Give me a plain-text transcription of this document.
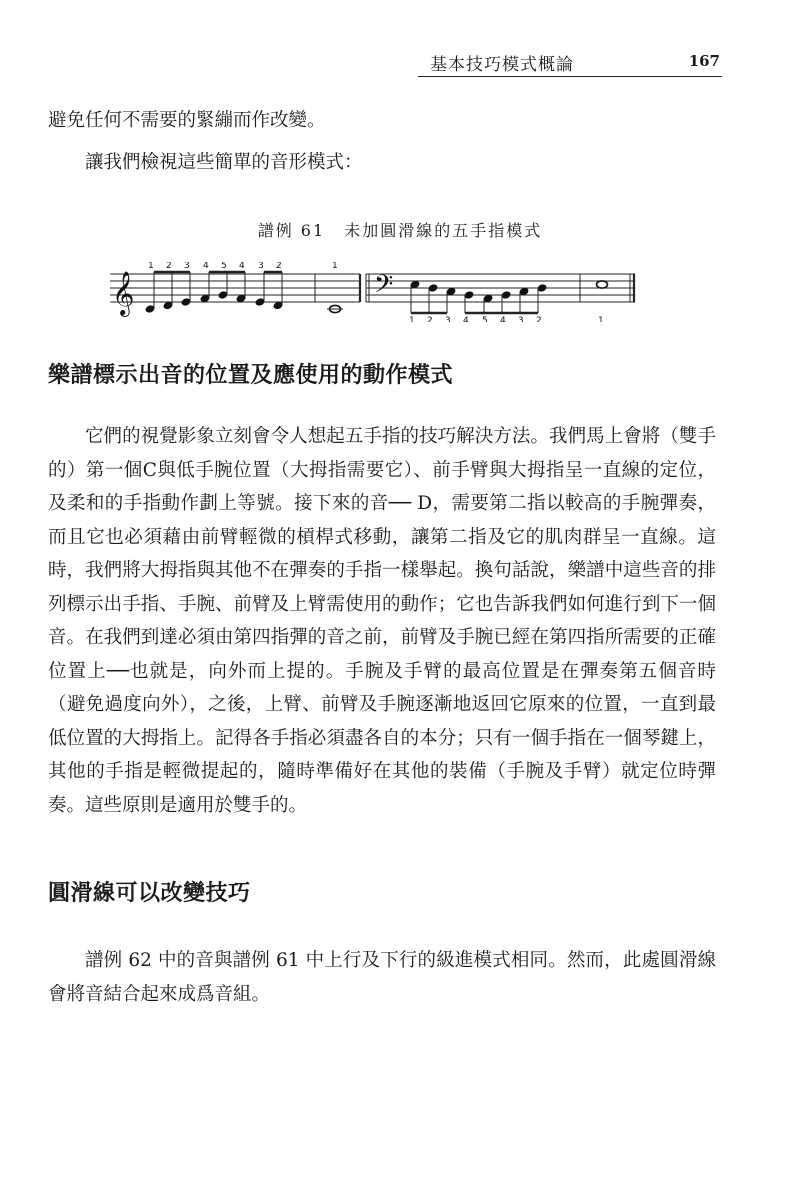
基本技巧模式概論	167

避免任何不需要的緊繃而作改變。

讓我們檢視這些簡單的音形模式：

譜例 61 未加圓滑線的五手指模式
𝄞
1 2 3 4 5 4 3 2	1
𝄢
1 2 3 4 5 4 3 2	1
樂譜標示出音的位置及應使用的動作模式

它們的視覺影象立刻會令人想起五手指的技巧解決方法。我們馬上會將（雙手的）第一個C與低手腕位置（大拇指需要它）、前手臂與大拇指呈一直線的定位，及柔和的手指動作劃上等號。接下來的音── D，需要第二指以較高的手腕彈奏，而且它也必須藉由前臂輕微的槓桿式移動，讓第二指及它的肌肉群呈一直線。這時，我們將大拇指與其他不在彈奏的手指一樣舉起。換句話說，樂譜中這些音的排列標示出手指、手腕、前臂及上臂需使用的動作；它也告訴我們如何進行到下一個音。在我們到達必須由第四指彈的音之前，前臂及手腕已經在第四指所需要的正確位置上──也就是，向外而上提的。手腕及手臂的最高位置是在彈奏第五個音時（避免過度向外），之後，上臂、前臂及手腕逐漸地返回它原來的位置，一直到最低位置的大拇指上。記得各手指必須盡各自的本分；只有一個手指在一個琴鍵上，其他的手指是輕微提起的，隨時準備好在其他的裝備（手腕及手臂）就定位時彈奏。這些原則是適用於雙手的。

圓滑線可以改變技巧

譜例 62 中的音與譜例 61 中上行及下行的級進模式相同。然而，此處圓滑線會將音結合起來成爲音組。
